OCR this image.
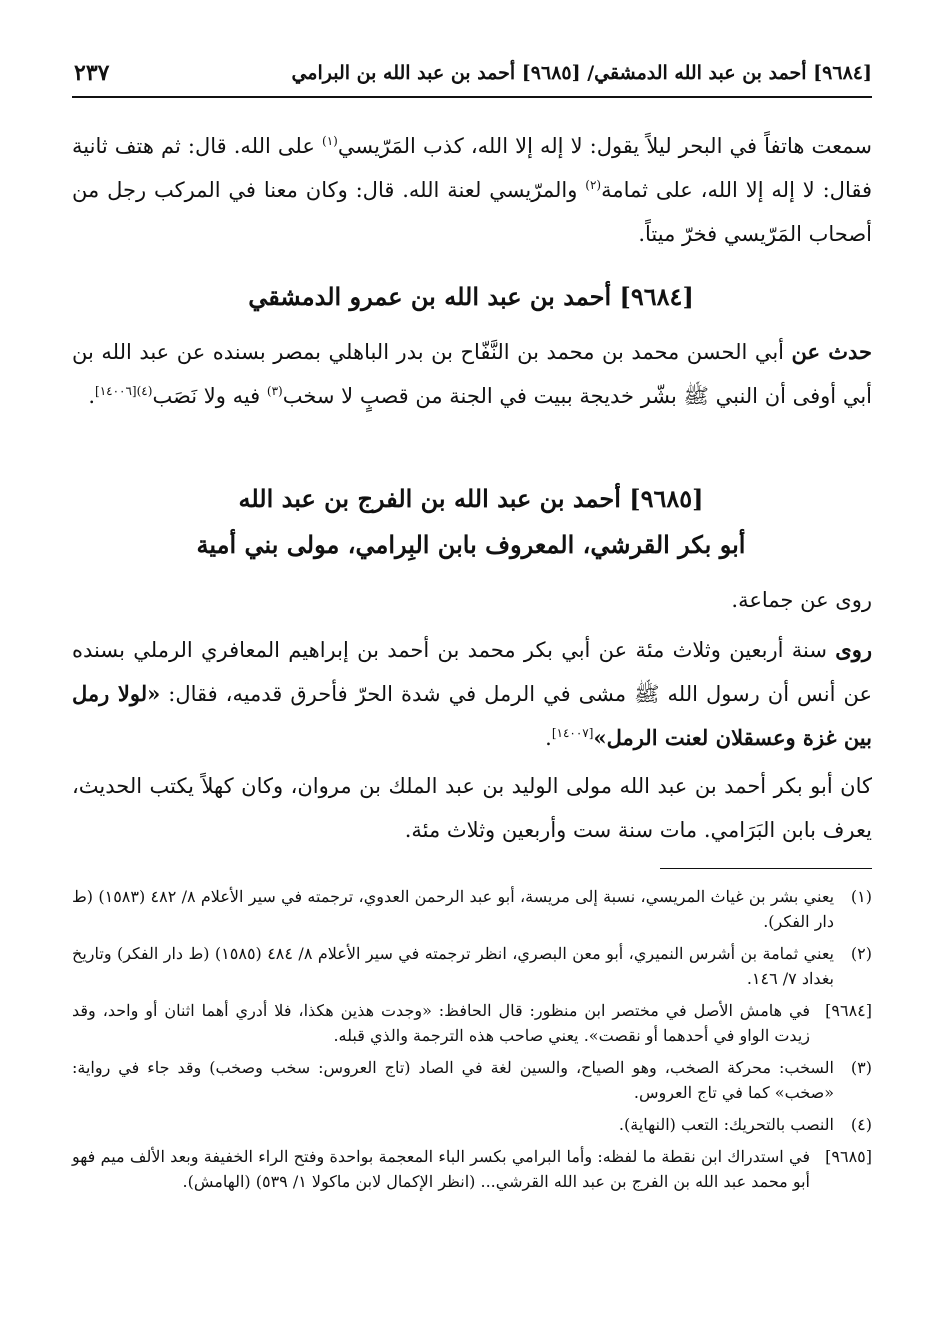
[٩٦٨٤] أحمد بن عبد الله الدمشقي/ [٩٦٨٥] أحمد بن عبد الله بن البرامي
٢٣٧
سمعت هاتفاً في البحر ليلاً يقول: لا إله إلا الله، كذب المَرّيسي$^{(١)}$ على الله. قال: ثم هتف ثانية فقال: لا إله إلا الله، على ثمامة$^{(٢)}$ والمرّيسي لعنة الله. قال: وكان معنا في المركب رجل من أصحاب المَرّيسي فخرّ ميتاً.
[٩٦٨٤] أحمد بن عبد الله بن عمرو الدمشقي
حدث عن أبي الحسن محمد بن محمد بن النَّفّاح بن بدر الباهلي بمصر بسنده عن عبد الله بن أبي أوفى أن النبي ﷺ بشّر خديجة ببيت في الجنة من قصبٍ لا سخب$^{(٣)}$ فيه ولا نَصَب$^{(٤)[١٤٠٠٦]}$.
[٩٦٨٥] أحمد بن عبد الله بن الفرج بن عبد الله
أبو بكر القرشي، المعروف بابن البِرامي، مولى بني أمية
روى عن جماعة.
روى سنة أربعين وثلاث مئة عن أبي بكر محمد بن أحمد بن إبراهيم المعافري الرملي بسنده عن أنس أن رسول الله ﷺ مشى في الرمل في شدة الحرّ فأحرق قدميه، فقال: «لولا رمل بين غزة وعسقلان لعنت الرمل»[١٤٠٠٧].
كان أبو بكر أحمد بن عبد الله مولى الوليد بن عبد الملك بن مروان، وكان كهلاً يكتب الحديث، يعرف بابن البَرَامي. مات سنة ست وأربعين وثلاث مئة.
(١)
يعني بشر بن غياث المريسي، نسبة إلى مريسة، أبو عبد الرحمن العدوي، ترجمته في سير الأعلام ٨/ ٤٨٢ (١٥٨٣) (ط دار الفكر).
(٢)
يعني ثمامة بن أشرس النميري، أبو معن البصري، انظر ترجمته في سير الأعلام ٨/ ٤٨٤ (١٥٨٥) (ط دار الفكر) وتاريخ بغداد ٧/ ١٤٦.
[٩٦٨٤]
في هامش الأصل في مختصر ابن منظور: قال الحافظ: «وجدت هذين هكذا، فلا أدري أهما اثنان أو واحد، وقد زيدت الواو في أحدهما أو نقصت». يعني صاحب هذه الترجمة والذي قبله.
(٣)
السخب: محركة الصخب، وهو الصياح، والسين لغة في الصاد (تاج العروس: سخب وصخب) وقد جاء في رواية: «صخب» كما في تاج العروس.
(٤)
النصب بالتحريك: التعب (النهاية).
[٩٦٨٥]
في استدراك ابن نقطة ما لفظه: وأما البرامي بكسر الباء المعجمة بواحدة وفتح الراء الخفيفة وبعد الألف ميم فهو أبو محمد عبد الله بن الفرج بن عبد الله القرشي... (انظر الإكمال لابن ماكولا ١/ ٥٣٩) (الهامش).
